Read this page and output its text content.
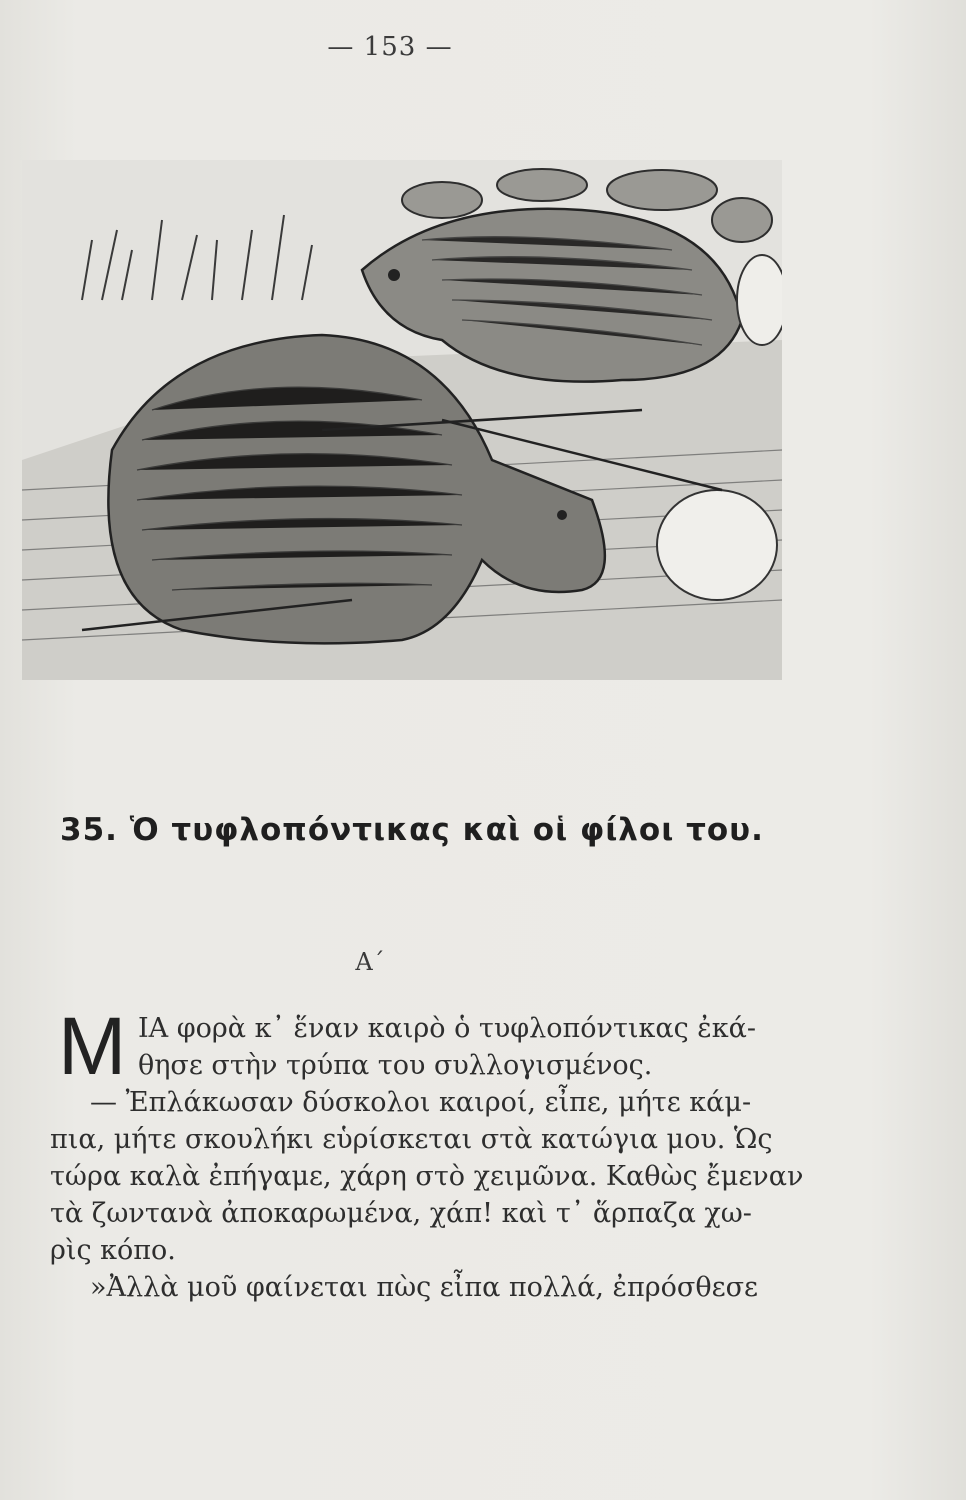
— 153 —
35. Ὁ τυφλοπόντικας καὶ οἱ φίλοι του.
Α΄
Μ ΙΑ φορὰ κ᾽ ἕναν καιρὸ ὁ τυφλοπόντικας ἐκά-
θησε στὴν τρύπα του συλλογισμένος.
— Ἐπλάκωσαν δύσκολοι καιροί, εἶπε, μήτε κάμ-
πια, μήτε σκουλήκι εὑρίσκεται στὰ κατώγια μου. Ὡς
τώρα καλὰ ἐπήγαμε, χάρη στὸ χειμῶνα. Καθὼς ἔμεναν
τὰ ζωντανὰ ἀποκαρωμένα, χάπ! καὶ τ᾽ ἅρπαζα χω-
ρὶς κόπο.
»Ἀλλὰ μοῦ φαίνεται πὼς εἶπα πολλά, ἐπρόσθεσε
